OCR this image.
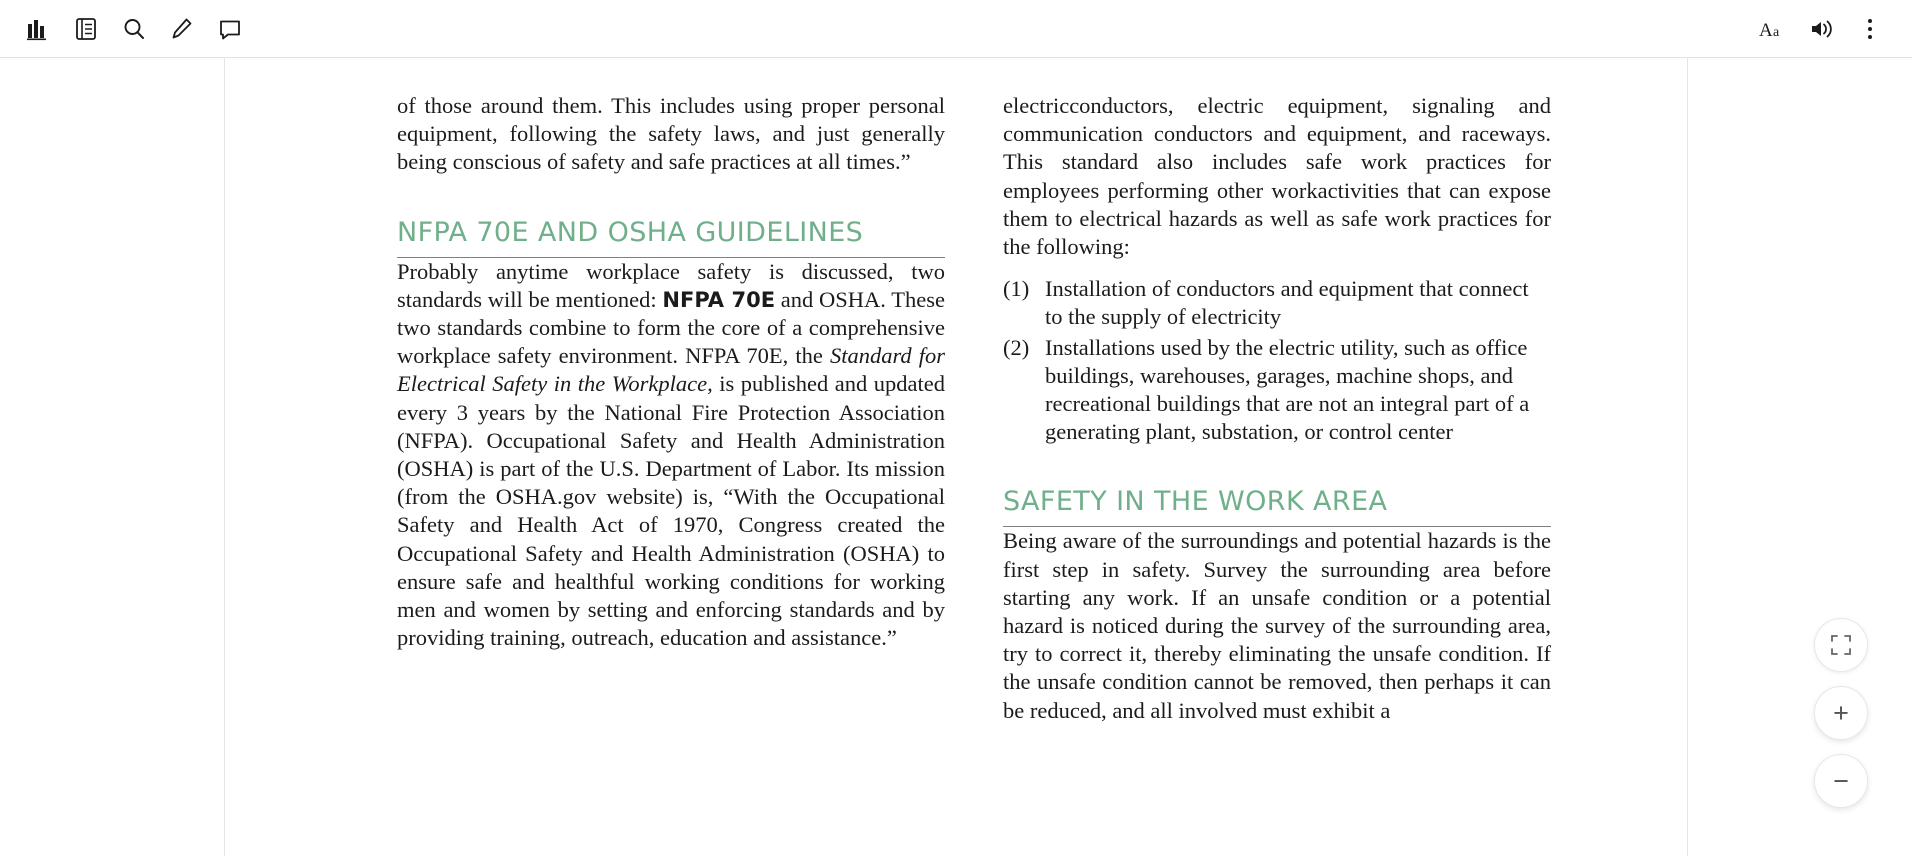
A a

of those around them. This includes using proper personal equipment, following the safety laws, and just generally being conscious of safety and safe practices at all times.”

NFPA 70E AND OSHA GUIDELINES

Probably anytime workplace safety is discussed, two standards will be mentioned: NFPA 70E and OSHA. These two standards combine to form the core of a comprehensive workplace safety environment. NFPA 70E, the Standard for Electrical Safety in the Workplace, is published and updated every 3 years by the National Fire Protection Association (NFPA). Occupational Safety and Health Administration (OSHA) is part of the U.S. Department of Labor. Its mission (from the OSHA.gov website) is, “With the Occupational Safety and Health Act of 1970, Congress created the Occupational Safety and Health Administration (OSHA) to ensure safe and healthful working conditions for working men and women by setting and enforcing standards and by providing training, outreach, education and assistance.”

electricconductors, electric equipment, signaling and communication conductors and equipment, and raceways. This standard also includes safe work practices for employees performing other workactivities that can expose them to electrical hazards as well as safe work practices for the following:

(1) Installation of conductors and equipment that connect to the supply of electricity
(2) Installations used by the electric utility, such as office buildings, warehouses, garages, machine shops, and recreational buildings that are not an integral part of a generating plant, substation, or control center
SAFETY IN THE WORK AREA

Being aware of the surroundings and potential hazards is the first step in safety. Survey the surrounding area before starting any work. If an unsafe condition or a potential hazard is noticed during the survey of the surrounding area, try to correct it, thereby eliminating the unsafe condition. If the unsafe condition cannot be removed, then perhaps it can be reduced, and all involved must exhibit a	+
−
